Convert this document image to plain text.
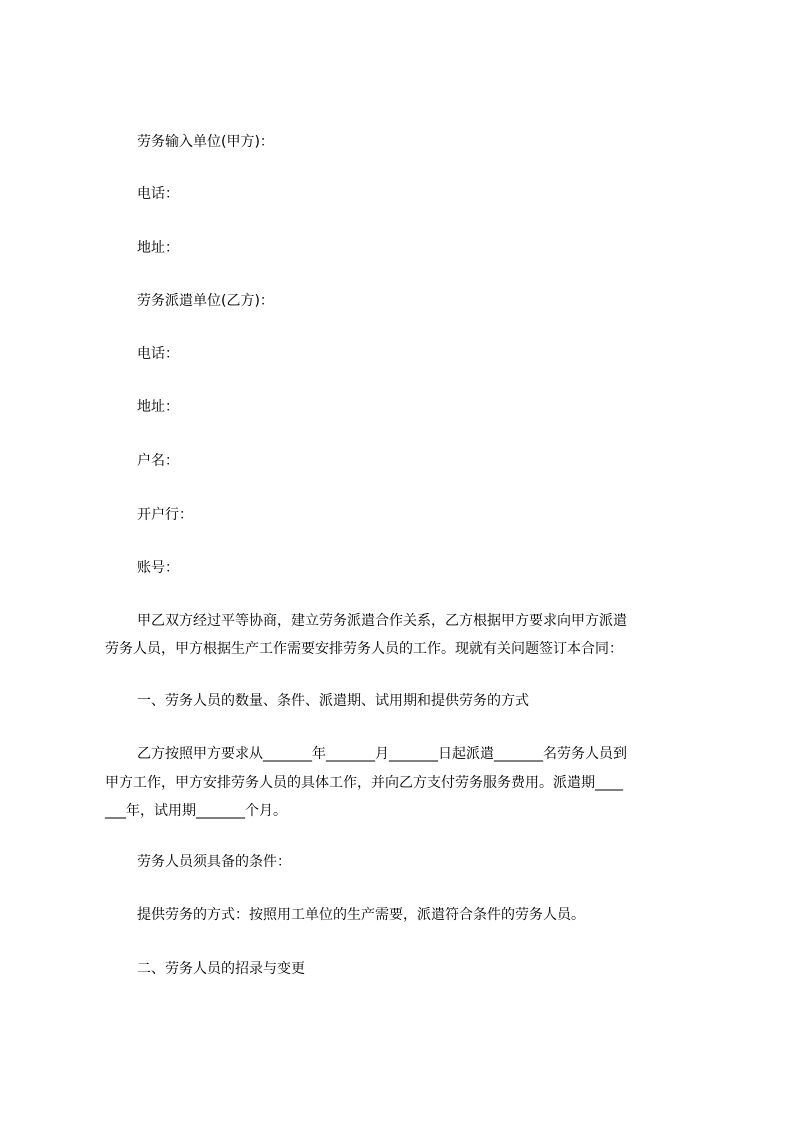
劳务输入单位(甲方)：
电话：
地址：
劳务派遣单位(乙方)：
电话：
地址：
户名：
开户行：
账号：
甲乙双方经过平等协商，建立劳务派遣合作关系，乙方根据甲方要求向甲方派遣
劳务人员，甲方根据生产工作需要安排劳务人员的工作。现就有关问题签订本合同：
一、劳务人员的数量、条件、派遣期、试用期和提供劳务的方式
乙方按照甲方要求从_______年_______月_______日起派遣_______名劳务人员到
甲方工作，甲方安排劳务人员的具体工作，并向乙方支付劳务服务费用。派遣期____
___年，试用期_______个月。
劳务人员须具备的条件：
提供劳务的方式：按照用工单位的生产需要，派遣符合条件的劳务人员。
二、劳务人员的招录与变更
